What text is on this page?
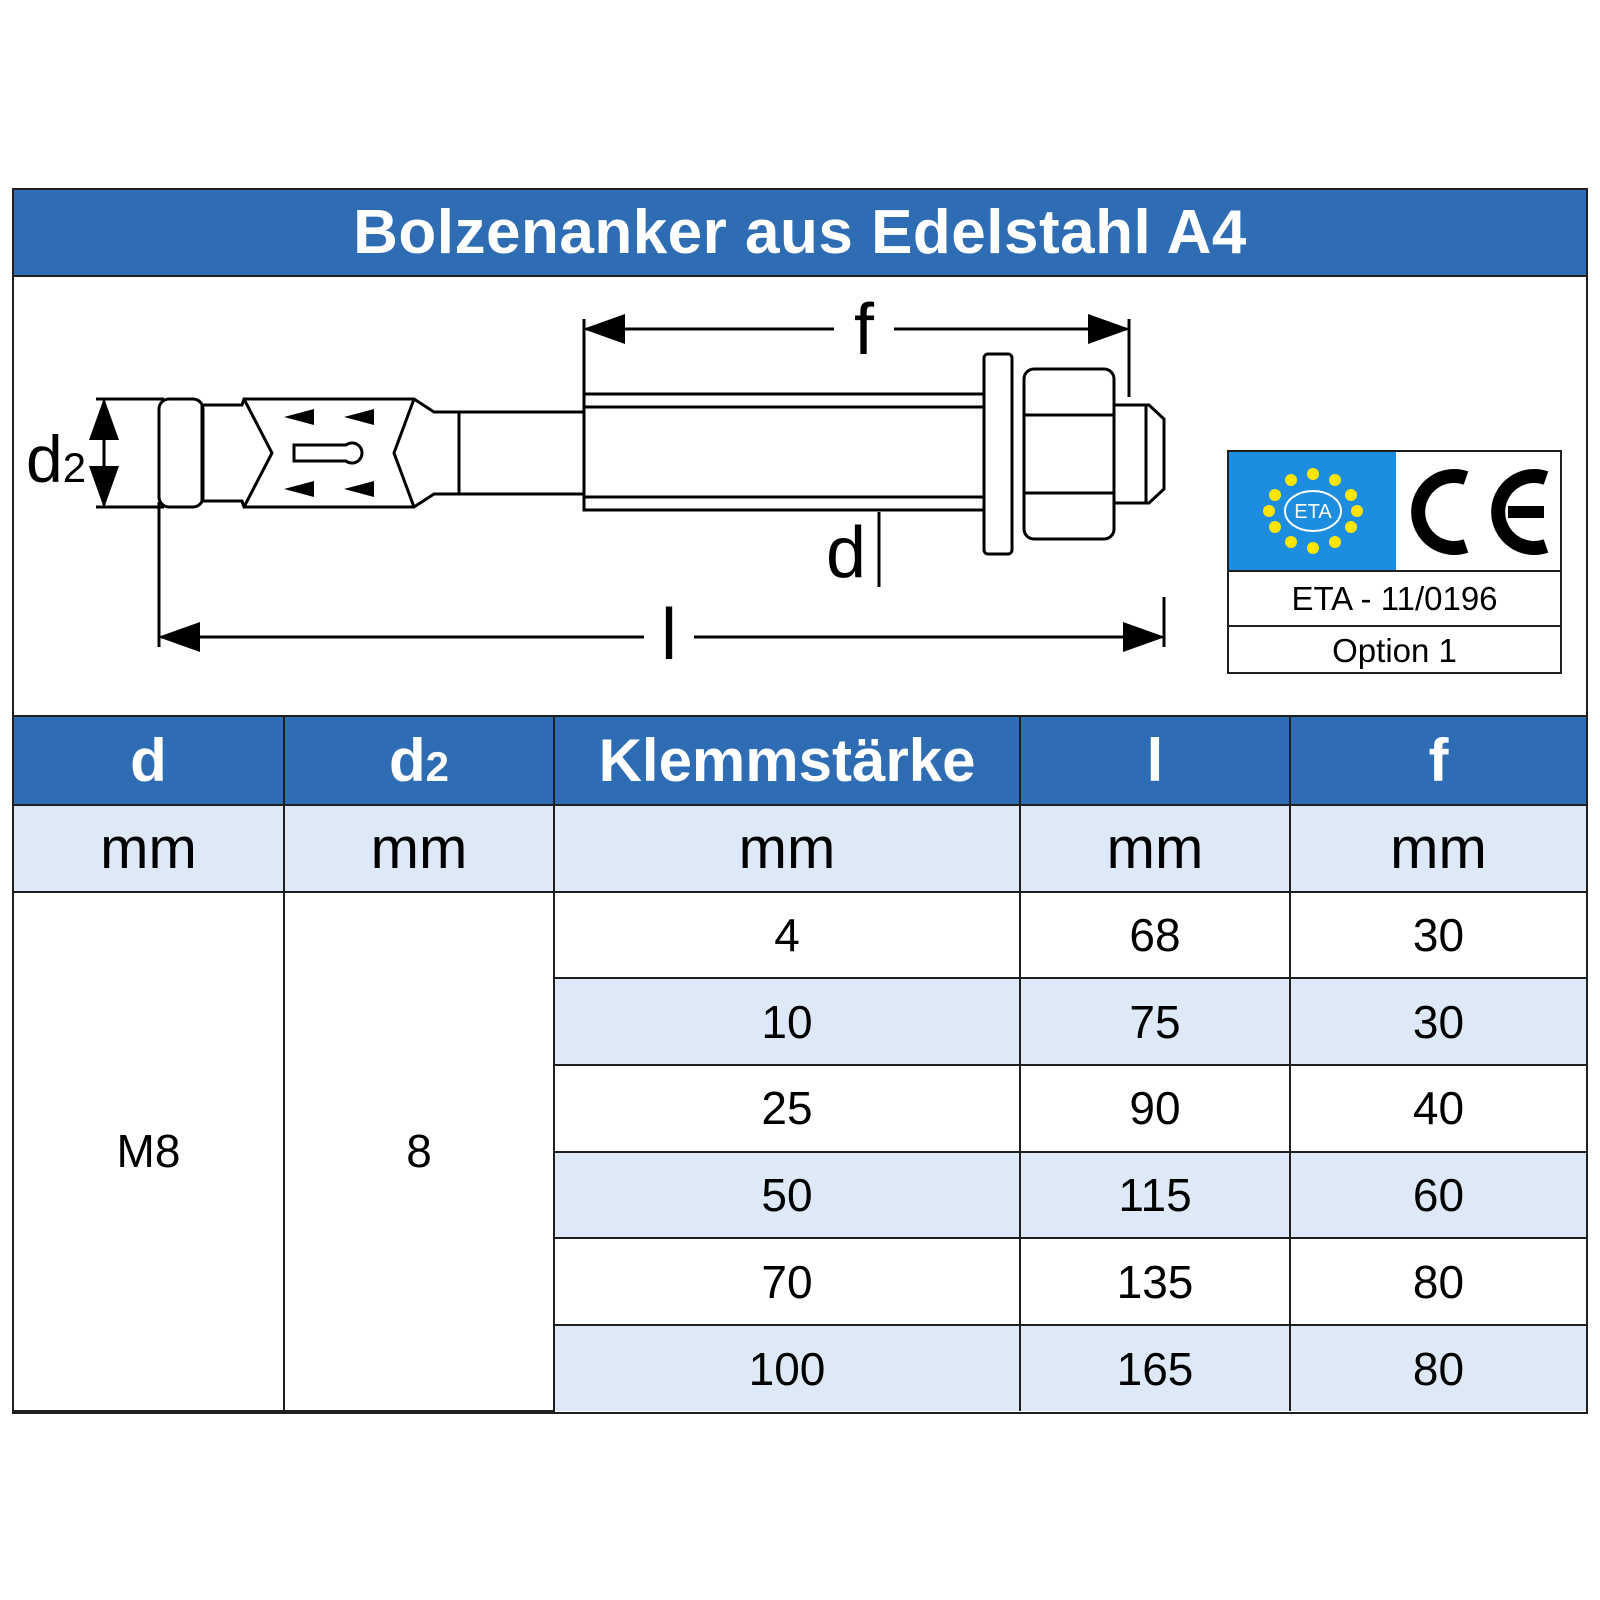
Bolzenanker aus Edelstahl A4
f
l
d
d2
ETA
ETA - 11/0196
Option 1
d	d2	Klemmstärke	l	f
mm	mm	mm	mm	mm
M8	8	4	68	30
		10	75	30
		25	90	40
		50	115	60
		70	135	80
		100	165	80
